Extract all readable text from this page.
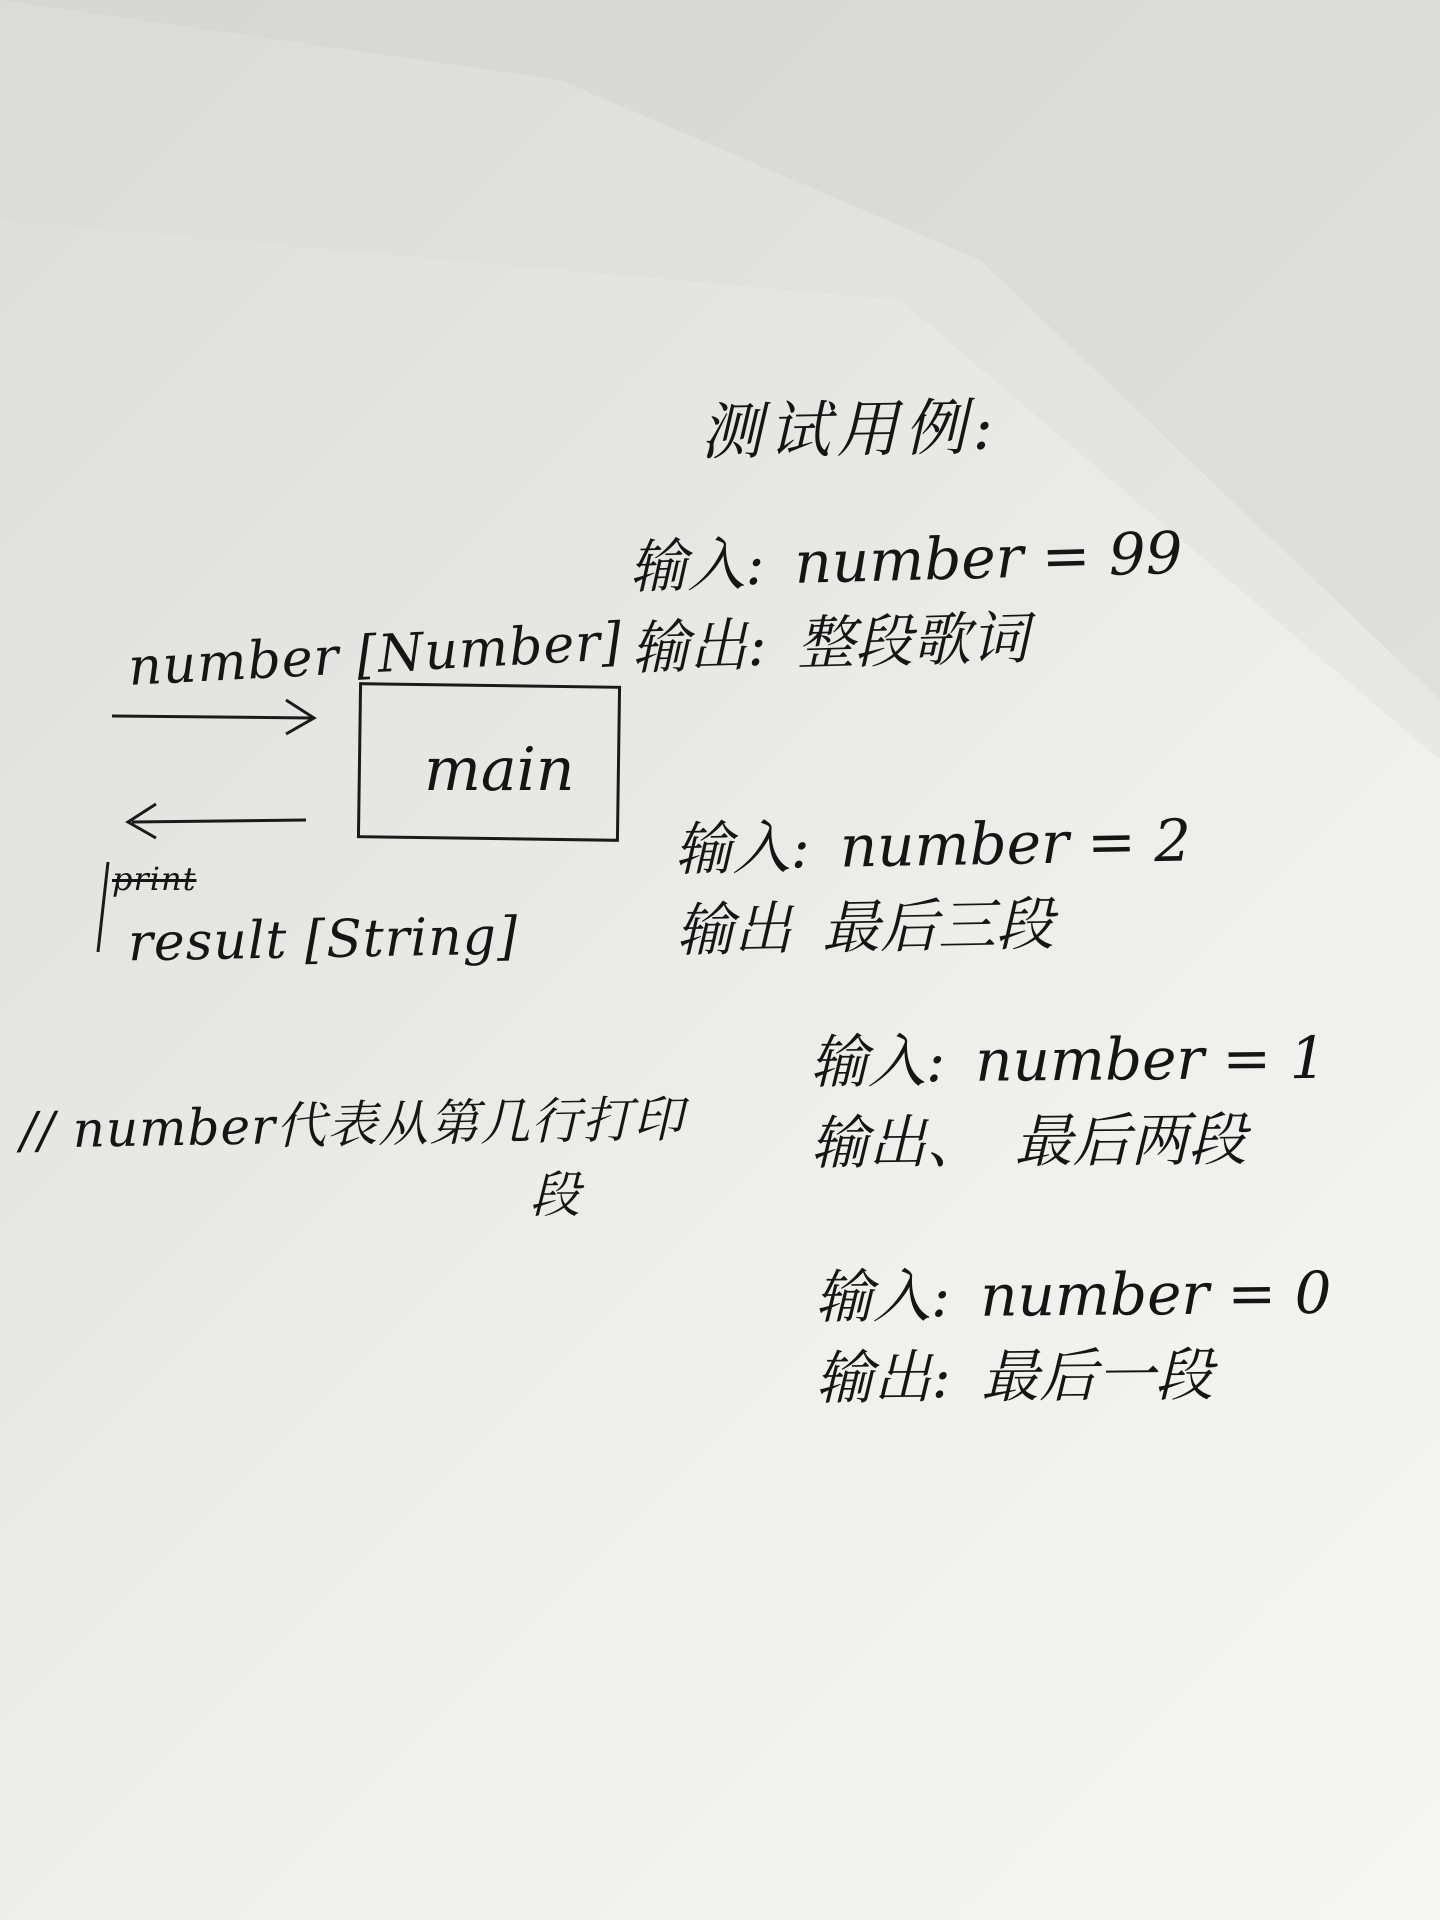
测试用例:
number [Number]
main
print
result [String]
// number代表从第几行打印
段
输入: number = 99
输出: 整段歌词
输入: number = 2
输出 最后三段
输入: number = 1
输出、 最后两段
输入: number = 0
输出: 最后一段
